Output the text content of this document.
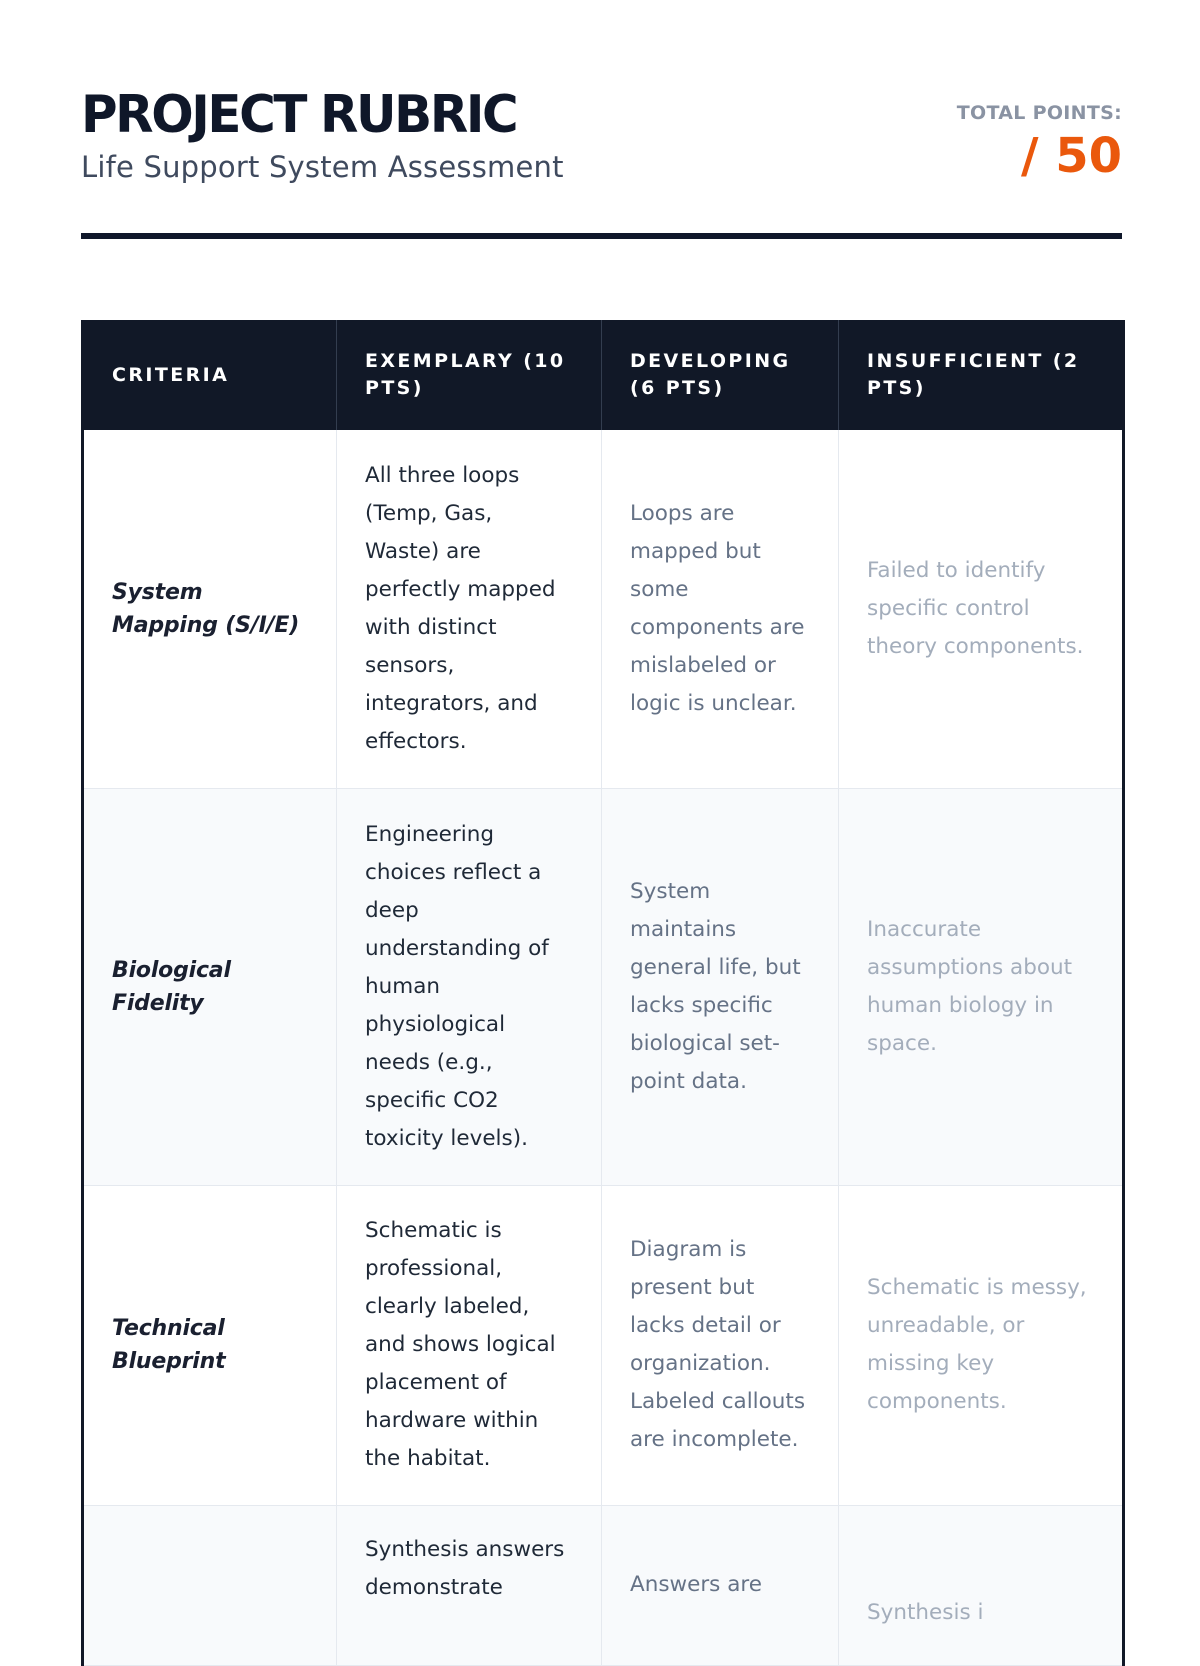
PROJECT RUBRIC
Life Support System Assessment
TOTAL POINTS:
/ 50
CRITERIA	EXEMPLARY (10 PTS)	DEVELOPING (6 PTS)	INSUFFICIENT (2 PTS)
System Mapping (S/I/E)	All three loops (Temp, Gas, Waste) are perfectly mapped with distinct sensors, integrators, and effectors.	Loops are mapped but some components are mislabeled or logic is unclear.	Failed to identify specific control theory components.
Biological Fidelity	Engineering choices reflect a deep understanding of human physiological needs (e.g., specific CO2 toxicity levels).	System maintains general life, but lacks specific biological set-point data.	Inaccurate assumptions about human biology in space.
Technical Blueprint	Schematic is professional, clearly labeled, and shows logical placement of hardware within the habitat.	Diagram is present but lacks detail or organization. Labeled callouts are incomplete.	Schematic is messy, unreadable, or missing key components.
	Synthesis answers demonstrate	Answers are	Synthesis i
